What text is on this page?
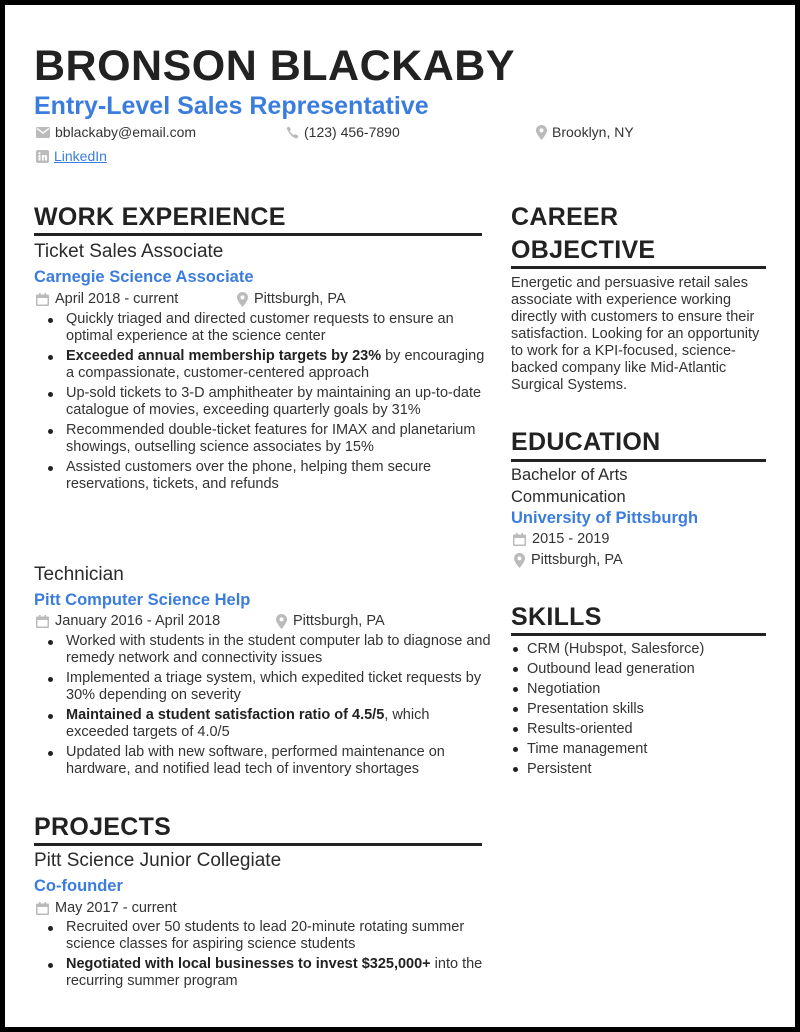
BRONSON BLACKABY
Entry-Level Sales Representative
bblackaby@email.com	(123) 456-7890	Brooklyn, NY
LinkedIn
WORK EXPERIENCE
Ticket Sales Associate
Carnegie Science Associate
April 2018 - current	Pittsburgh, PA
Quickly triaged and directed customer requests to ensure an optimal experience at the science center
Exceeded annual membership targets by 23% by encouraging a compassionate, customer-centered approach
Up-sold tickets to 3-D amphitheater by maintaining an up-to-date catalogue of movies, exceeding quarterly goals by 31%
Recommended double-ticket features for IMAX and planetarium showings, outselling science associates by 15%
Assisted customers over the phone, helping them secure reservations, tickets, and refunds
Technician
Pitt Computer Science Help
January 2016 - April 2018	Pittsburgh, PA
Worked with students in the student computer lab to diagnose and remedy network and connectivity issues
Implemented a triage system, which expedited ticket requests by 30% depending on severity
Maintained a student satisfaction ratio of 4.5/5, which exceeded targets of 4.0/5
Updated lab with new software, performed maintenance on hardware, and notified lead tech of inventory shortages
PROJECTS
Pitt Science Junior Collegiate
Co-founder
May 2017 - current
Recruited over 50 students to lead 20-minute rotating summer science classes for aspiring science students
Negotiated with local businesses to invest $325,000+ into the recurring summer program
CAREER
OBJECTIVE
Energetic and persuasive retail sales associate with experience working directly with customers to ensure their satisfaction. Looking for an opportunity to work for a KPI-focused, science-backed company like Mid-Atlantic Surgical Systems.
EDUCATION
Bachelor of Arts
Communication
University of Pittsburgh
2015 - 2019
Pittsburgh, PA
SKILLS
CRM (Hubspot, Salesforce)
Outbound lead generation
Negotiation
Presentation skills
Results-oriented
Time management
Persistent
